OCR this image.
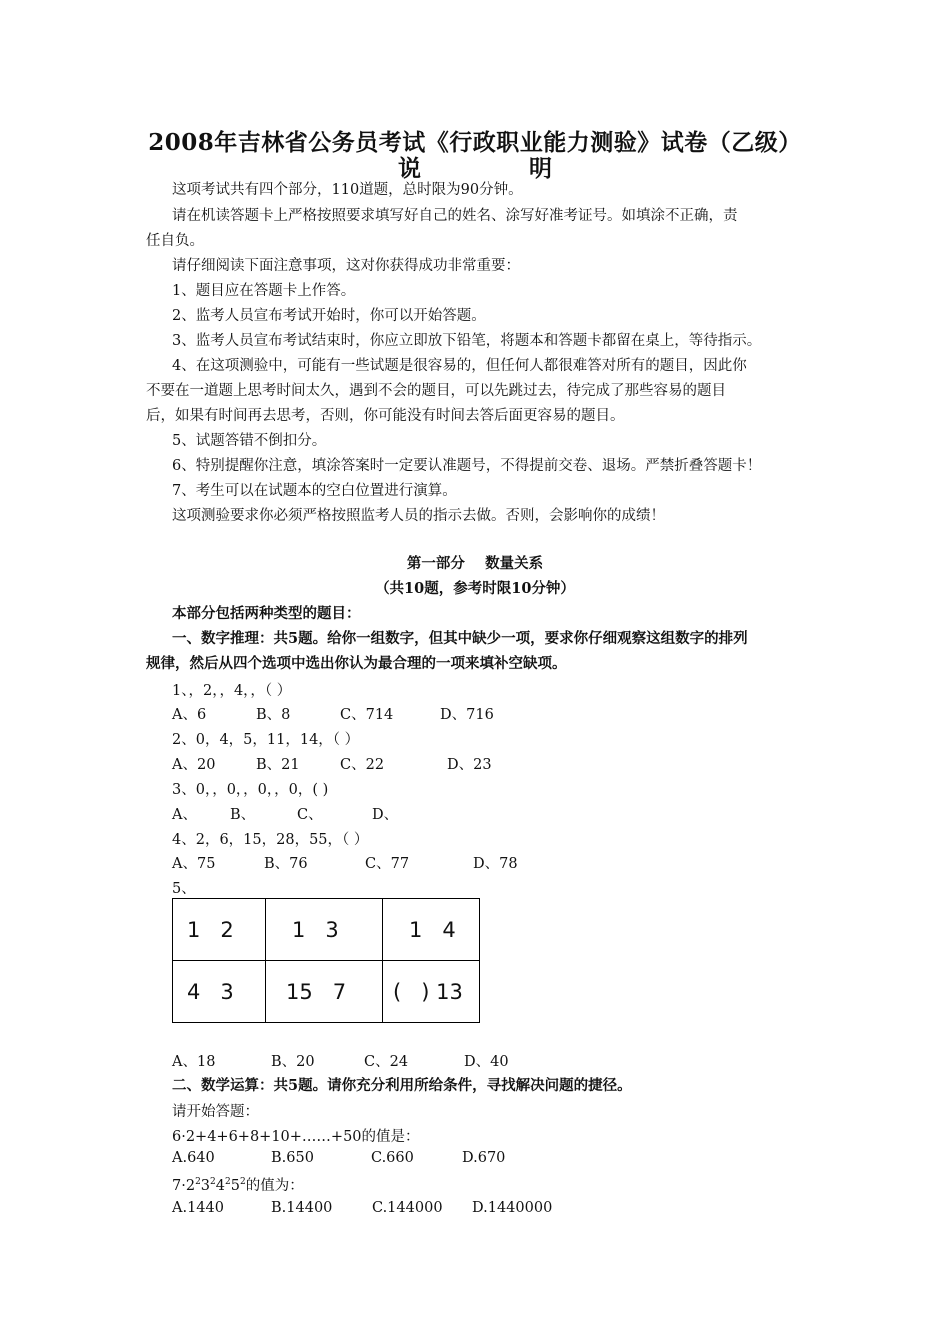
2008年吉林省公务员考试《行政职业能力测验》试卷（乙级）
说 明
这项考试共有四个部分，110道题，总时限为90分钟。
请在机读答题卡上严格按照要求填写好自己的姓名、涂写好准考证号。如填涂不正确，责
任自负。
请仔细阅读下面注意事项，这对你获得成功非常重要：
1、题目应在答题卡上作答。
2、监考人员宣布考试开始时，你可以开始答题。
3、监考人员宣布考试结束时，你应立即放下铅笔，将题本和答题卡都留在桌上，等待指示。
4、在这项测验中，可能有一些试题是很容易的，但任何人都很难答对所有的题目，因此你
不要在一道题上思考时间太久，遇到不会的题目，可以先跳过去，待完成了那些容易的题目
后，如果有时间再去思考，否则，你可能没有时间去答后面更容易的题目。
5、试题答错不倒扣分。
6、特别提醒你注意，填涂答案时一定要认准题号，不得提前交卷、退场。严禁折叠答题卡！
7、考生可以在试题本的空白位置进行演算。
这项测验要求你必须严格按照监考人员的指示去做。否则，会影响你的成绩！
第一部分    数量关系
（共10题，参考时限10分钟）
本部分包括两种类型的题目：
一、数字推理：共5题。给你一组数字，但其中缺少一项，要求你仔细观察这组数字的排列
规律，然后从四个选项中选出你认为最合理的一项来填补空缺项。
1、，2，，4，，（ ）
A、6	B、8	C、714	D、716
2、0，4，5，11，14，（ ）
A、20	B、21	C、22	D、23
3、0，，0，，0，，0，( )
A、 B、	C、	D、
4、2，6，15，28，55，（ ）
A、75	B、76	C、77	D、78
5、
1   2	1   3	1   4
4   3	15   7	(   ) 13
A、18	B、20	C、24	D、40
二、数学运算：共5题。请你充分利用所给条件，寻找解决问题的捷径。
请开始答题：
6·2+4+6+8+10+……+50的值是：
A.640	B.650	C.660	D.670
$7\cdot 2^23^24^25^2$的值为：
A.1440	B.14400	C.144000 D.1440000
